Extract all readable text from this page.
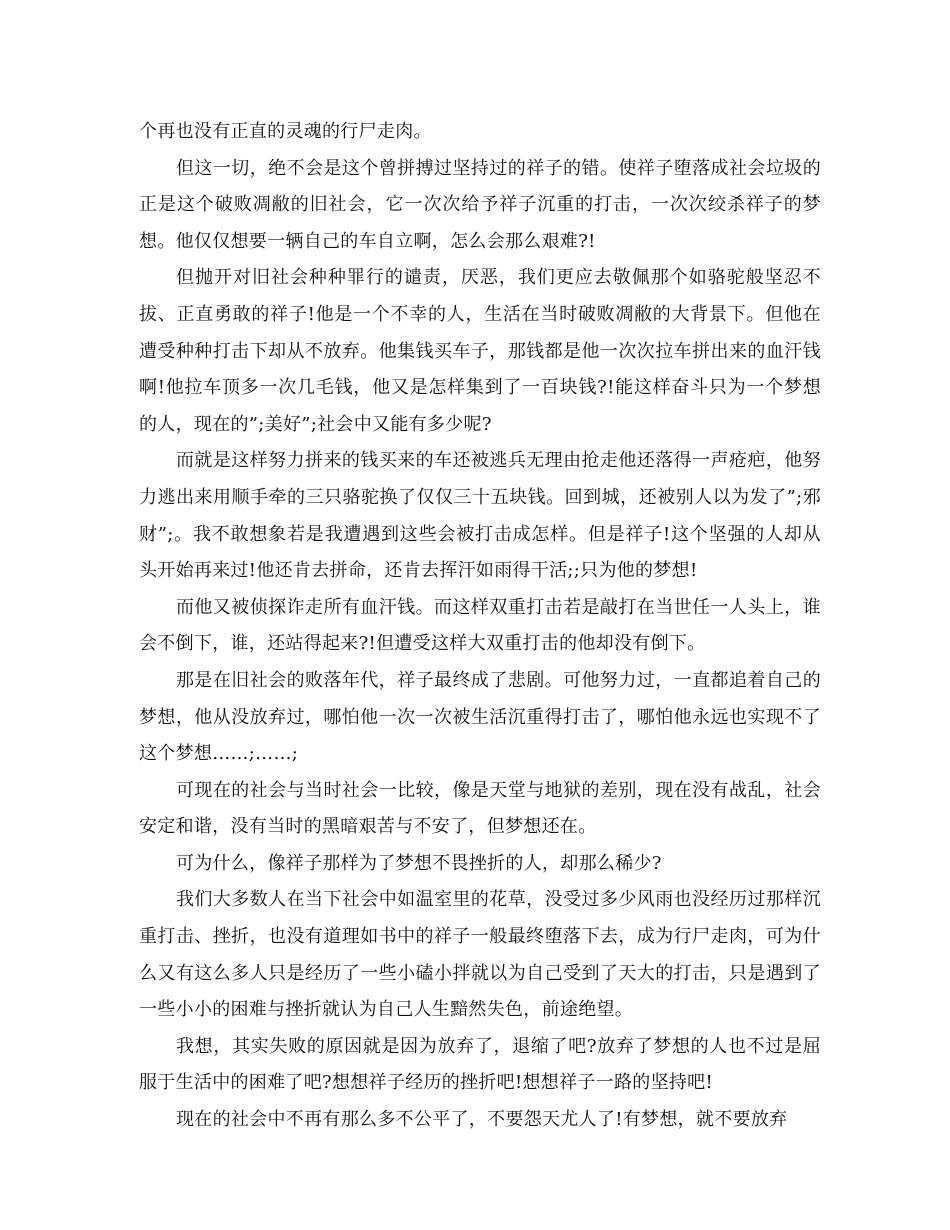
个再也没有正直的灵魂的行尸走肉。

但这一切，绝不会是这个曾拼搏过坚持过的祥子的错。使祥子堕落成社会垃圾的正是这个破败凋敝的旧社会，它一次次给予祥子沉重的打击，一次次绞杀祥子的梦想。他仅仅想要一辆自己的车自立啊，怎么会那么艰难?!

但抛开对旧社会种种罪行的谴责，厌恶，我们更应去敬佩那个如骆驼般坚忍不拔、正直勇敢的祥子!他是一个不幸的人，生活在当时破败凋敝的大背景下。但他在遭受种种打击下却从不放弃。他集钱买车子，那钱都是他一次次拉车拼出来的血汗钱啊!他拉车顶多一次几毛钱，他又是怎样集到了一百块钱?!能这样奋斗只为一个梦想的人，现在的”;美好”;社会中又能有多少呢?

而就是这样努力拼来的钱买来的车还被逃兵无理由抢走他还落得一声疮疤，他努力逃出来用顺手牵的三只骆驼换了仅仅三十五块钱。回到城，还被别人以为发了”;邪财”;。我不敢想象若是我遭遇到这些会被打击成怎样。但是祥子!这个坚强的人却从头开始再来过!他还肯去拼命，还肯去挥汗如雨得干活;;只为他的梦想!

而他又被侦探诈走所有血汗钱。而这样双重打击若是敲打在当世任一人头上，谁会不倒下，谁，还站得起来?!但遭受这样大双重打击的他却没有倒下。

那是在旧社会的败落年代，祥子最终成了悲剧。可他努力过，一直都追着自己的梦想，他从没放弃过，哪怕他一次一次被生活沉重得打击了，哪怕他永远也实现不了这个梦想……;……;

可现在的社会与当时社会一比较，像是天堂与地狱的差别，现在没有战乱，社会安定和谐，没有当时的黑暗艰苦与不安了，但梦想还在。

可为什么，像祥子那样为了梦想不畏挫折的人，却那么稀少?

我们大多数人在当下社会中如温室里的花草，没受过多少风雨也没经历过那样沉重打击、挫折，也没有道理如书中的祥子一般最终堕落下去，成为行尸走肉，可为什么又有这么多人只是经历了一些小磕小拌就以为自己受到了天大的打击，只是遇到了一些小小的困难与挫折就认为自己人生黯然失色，前途绝望。

我想，其实失败的原因就是因为放弃了，退缩了吧?放弃了梦想的人也不过是屈服于生活中的困难了吧?想想祥子经历的挫折吧!想想祥子一路的坚持吧!

现在的社会中不再有那么多不公平了，不要怨天尤人了!有梦想，就不要放弃
